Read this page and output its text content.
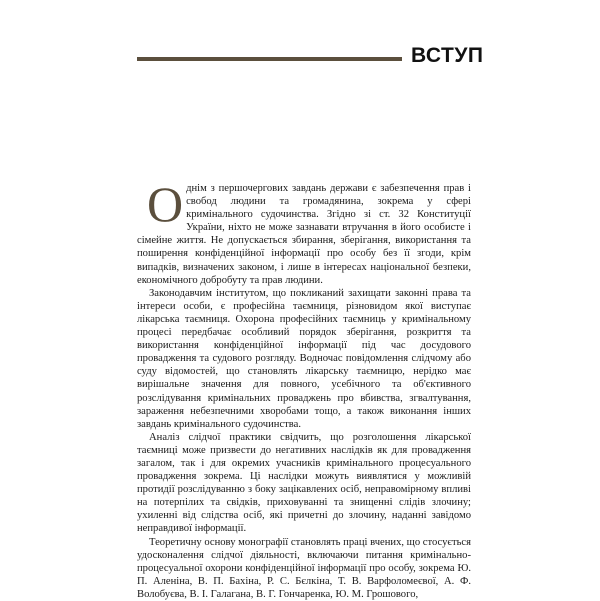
ВСТУП

Однім з першочергових завдань держави є забезпечення прав і свобод людини та громадянина, зокрема у сфері кримінального судочинства. Згідно зі ст. 32 Конституції України, ніхто не може зазнавати втручання в його особисте і сімейне життя. Не допускається збирання, зберігання, використання та поширення конфіденційної інформації про особу без її згоди, крім випадків, визначених законом, і лише в інтересах національної безпеки, економічного добробуту та прав людини.

Законодавчим інститутом, що покликаний захищати законні права та інтереси особи, є професійна таємниця, різновидом якої виступає лікарська таємниця. Охорона професійних таємниць у кримінальному процесі передбачає особливий порядок зберігання, розкриття та використання конфіденційної інформації під час досудового провадження та судового розгляду. Водночас повідомлення слідчому або суду відомостей, що становлять лікарську таємницю, нерідко має вирішальне значення для повного, усебічного та об'єктивного розслідування кримінальних проваджень про вбивства, згвалтування, зараження небезпечними хворобами тощо, а також виконання інших завдань кримінального судочинства.

Аналіз слідчої практики свідчить, що розголошення лікарської таємниці може призвести до негативних наслідків як для провадження загалом, так і для окремих учасників кримінального процесуального провадження зокрема. Ці наслідки можуть виявлятися у можливій протидії розслідуванню з боку зацікавлених осіб, неправомірному впливі на потерпілих та свідків, приховуванні та знищенні слідів злочину; ухиленні від слідства осіб, які причетні до злочину, наданні завідомо неправдивої інформації.

Теоретичну основу монографії становлять праці вчених, що стосується удосконалення слідчої діяльності, включаючи питання кримінально-процесуальної охорони конфіденційної інформації про особу, зокрема Ю. П. Аленіна, В. П. Бахіна, Р. С. Бєлкіна, Т. В. Варфоломеєвої, А. Ф. Волобуєва, В. І. Галагана, В. Г. Гончаренка, Ю. М. Грошового,
